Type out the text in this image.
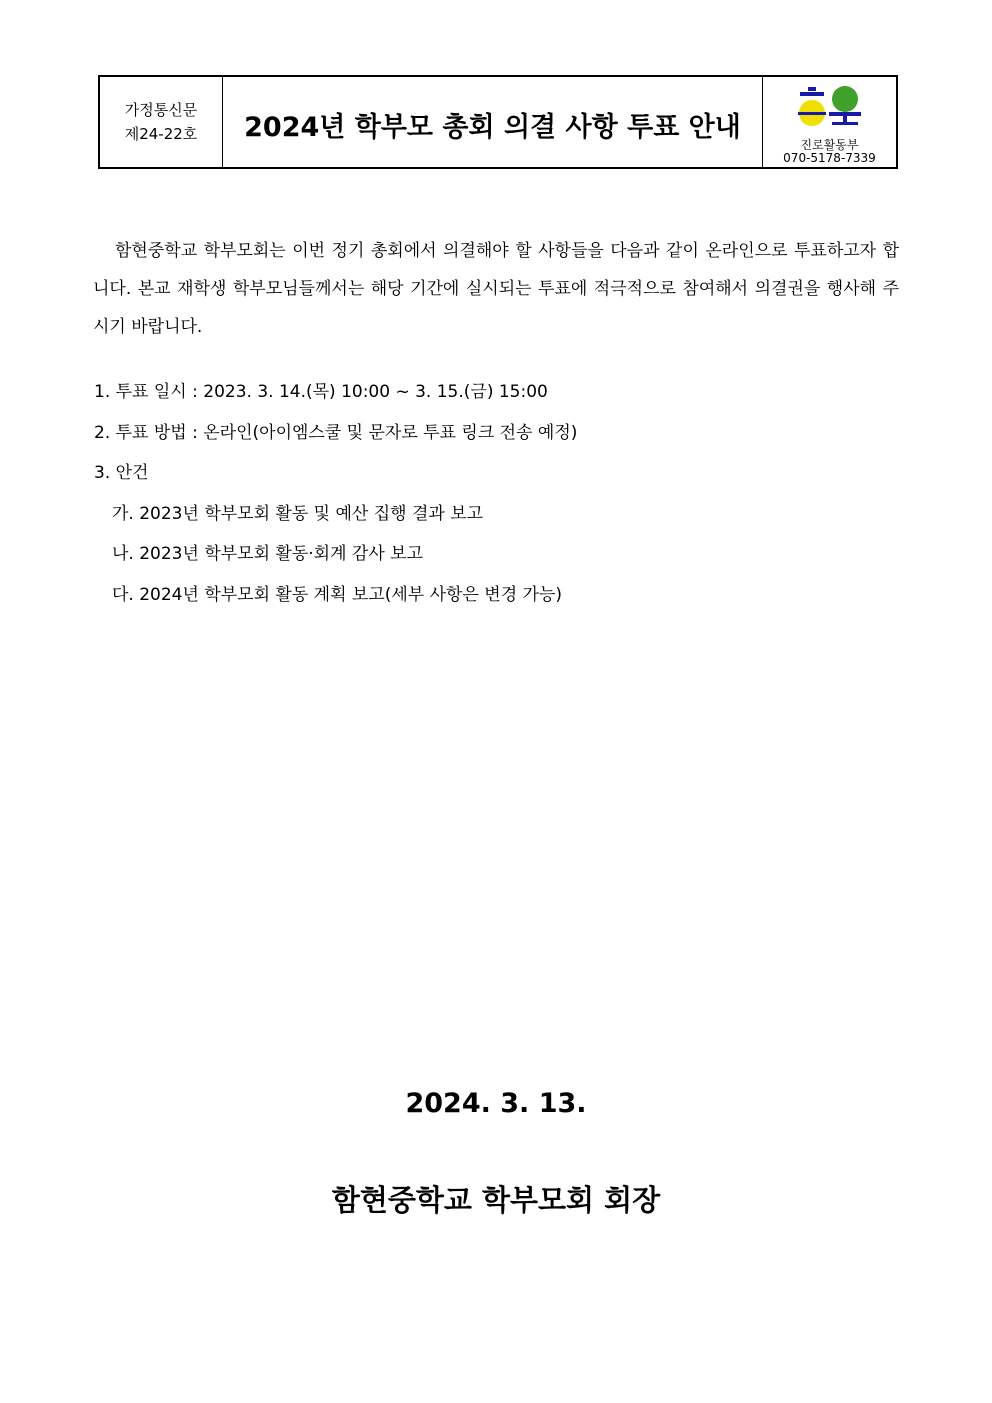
가정통신문
제24-22호	2024년 학부모 총회 의결 사항 투표 안내
진로활동부
070-5178-7339

함현중학교 학부모회는 이번 정기 총회에서 의결해야 할 사항들을 다음과 같이 온라인으로 투표하고자 합니다. 본교 재학생 학부모님들께서는 해당 기간에 실시되는 투표에 적극적으로 참여해서 의결권을 행사해 주시기 바랍니다.

1. 투표 일시 : 2023. 3. 14.(목) 10:00 ~ 3. 15.(금) 15:00
2. 투표 방법 : 온라인(아이엠스쿨 및 문자로 투표 링크 전송 예정)
3. 안건
가. 2023년 학부모회 활동 및 예산 집행 결과 보고
나. 2023년 학부모회 활동·회계 감사 보고
다. 2024년 학부모회 활동 계획 보고(세부 사항은 변경 가능)
2024. 3. 13.
함현중학교 학부모회 회장
